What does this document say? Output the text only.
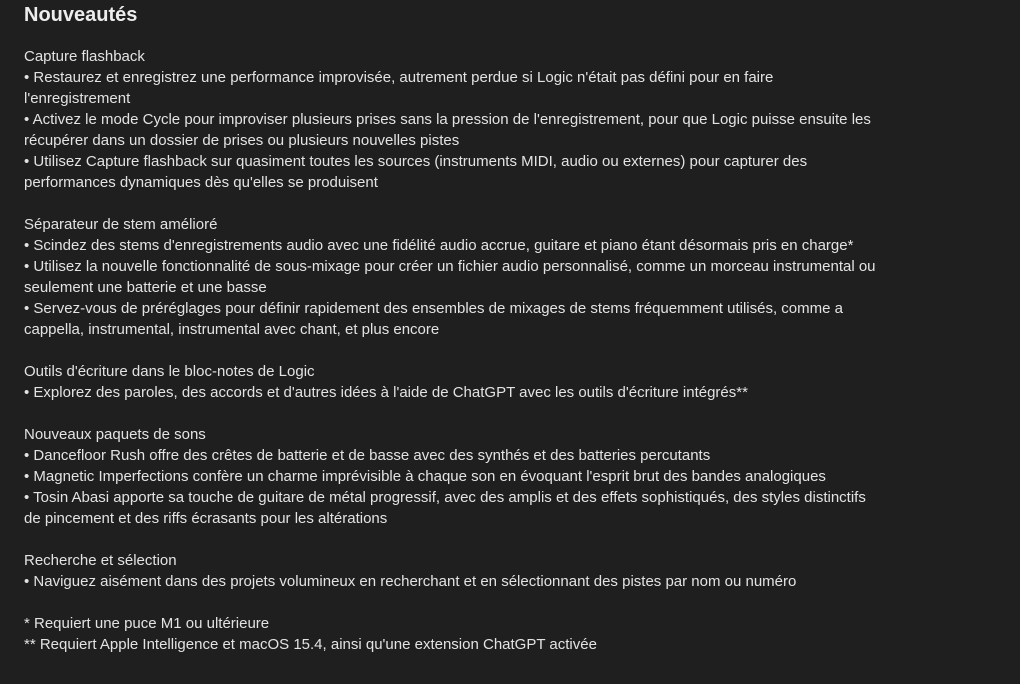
Nouveautés
Capture flashback
• Restaurez et enregistrez une performance improvisée, autrement perdue si Logic n'était pas défini pour en faire
l'enregistrement
• Activez le mode Cycle pour improviser plusieurs prises sans la pression de l'enregistrement, pour que Logic puisse ensuite les
récupérer dans un dossier de prises ou plusieurs nouvelles pistes
• Utilisez Capture flashback sur quasiment toutes les sources (instruments MIDI, audio ou externes) pour capturer des
performances dynamiques dès qu'elles se produisent
Séparateur de stem amélioré
• Scindez des stems d'enregistrements audio avec une fidélité audio accrue, guitare et piano étant désormais pris en charge*
• Utilisez la nouvelle fonctionnalité de sous-mixage pour créer un fichier audio personnalisé, comme un morceau instrumental ou
seulement une batterie et une basse
• Servez-vous de préréglages pour définir rapidement des ensembles de mixages de stems fréquemment utilisés, comme a
cappella, instrumental, instrumental avec chant, et plus encore
Outils d'écriture dans le bloc-notes de Logic
• Explorez des paroles, des accords et d'autres idées à l'aide de ChatGPT avec les outils d'écriture intégrés**
Nouveaux paquets de sons
• Dancefloor Rush offre des crêtes de batterie et de basse avec des synthés et des batteries percutants
• Magnetic Imperfections confère un charme imprévisible à chaque son en évoquant l'esprit brut des bandes analogiques
• Tosin Abasi apporte sa touche de guitare de métal progressif, avec des amplis et des effets sophistiqués, des styles distinctifs
de pincement et des riffs écrasants pour les altérations
Recherche et sélection
• Naviguez aisément dans des projets volumineux en recherchant et en sélectionnant des pistes par nom ou numéro
* Requiert une puce M1 ou ultérieure
** Requiert Apple Intelligence et macOS 15.4, ainsi qu'une extension ChatGPT activée
